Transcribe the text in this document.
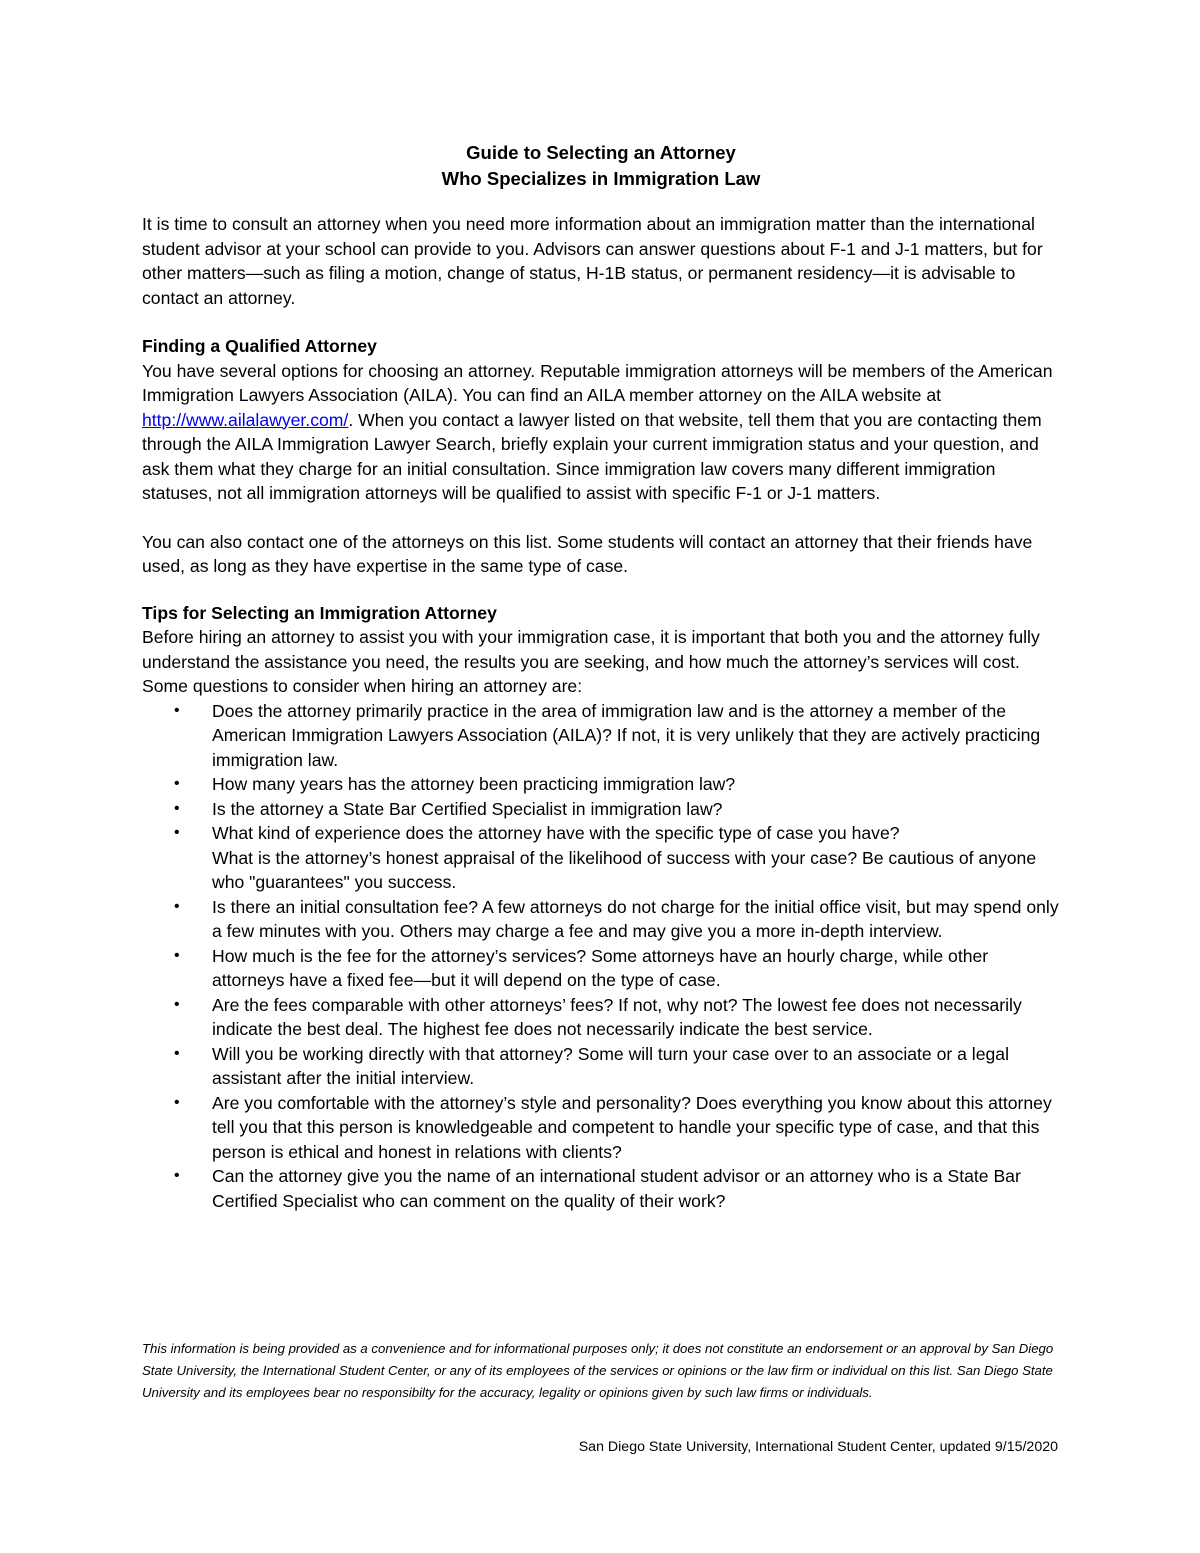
Guide to Selecting an Attorney

Who Specializes in Immigration Law

It is time to consult an attorney when you need more information about an immigration matter than the international student advisor at your school can provide to you. Advisors can answer questions about F-1 and J-1 matters, but for other matters—such as filing a motion, change of status, H-1B status, or permanent residency—it is advisable to contact an attorney.

Finding a Qualified Attorney

You have several options for choosing an attorney. Reputable immigration attorneys will be members of the American Immigration Lawyers Association (AILA). You can find an AILA member attorney on the AILA website at http://www.ailalawyer.com/. When you contact a lawyer listed on that website, tell them that you are contacting them through the AILA Immigration Lawyer Search, briefly explain your current immigration status and your question, and ask them what they charge for an initial consultation. Since immigration law covers many different immigration statuses, not all immigration attorneys will be qualified to assist with specific F-1 or J-1 matters.

You can also contact one of the attorneys on this list. Some students will contact an attorney that their friends have used, as long as they have expertise in the same type of case.

Tips for Selecting an Immigration Attorney

Before hiring an attorney to assist you with your immigration case, it is important that both you and the attorney fully understand the assistance you need, the results you are seeking, and how much the attorney’s services will cost. Some questions to consider when hiring an attorney are:

• Does the attorney primarily practice in the area of immigration law and is the attorney a member of the American Immigration Lawyers Association (AILA)? If not, it is very unlikely that they are actively practicing immigration law.
• How many years has the attorney been practicing immigration law?
• Is the attorney a State Bar Certified Specialist in immigration law?
• What kind of experience does the attorney have with the specific type of case you have?
What is the attorney’s honest appraisal of the likelihood of success with your case? Be cautious of anyone who "guarantees" you success.
• Is there an initial consultation fee? A few attorneys do not charge for the initial office visit, but may spend only a few minutes with you. Others may charge a fee and may give you a more in-depth interview.
• How much is the fee for the attorney’s services? Some attorneys have an hourly charge, while other attorneys have a fixed fee—but it will depend on the type of case.
• Are the fees comparable with other attorneys’ fees? If not, why not? The lowest fee does not necessarily indicate the best deal. The highest fee does not necessarily indicate the best service.
• Will you be working directly with that attorney? Some will turn your case over to an associate or a legal assistant after the initial interview.
• Are you comfortable with the attorney’s style and personality? Does everything you know about this attorney tell you that this person is knowledgeable and competent to handle your specific type of case, and that this person is ethical and honest in relations with clients?
• Can the attorney give you the name of an international student advisor or an attorney who is a State Bar Certified Specialist who can comment on the quality of their work?

This information is being provided as a convenience and for informational purposes only; it does not constitute an endorsement or an approval by San Diego State University, the International Student Center, or any of its employees of the services or opinions or the law firm or individual on this list. San Diego State University and its employees bear no responsibilty for the accuracy, legality or opinions given by such law firms or individuals.

San Diego State University, International Student Center, updated 9/15/2020
